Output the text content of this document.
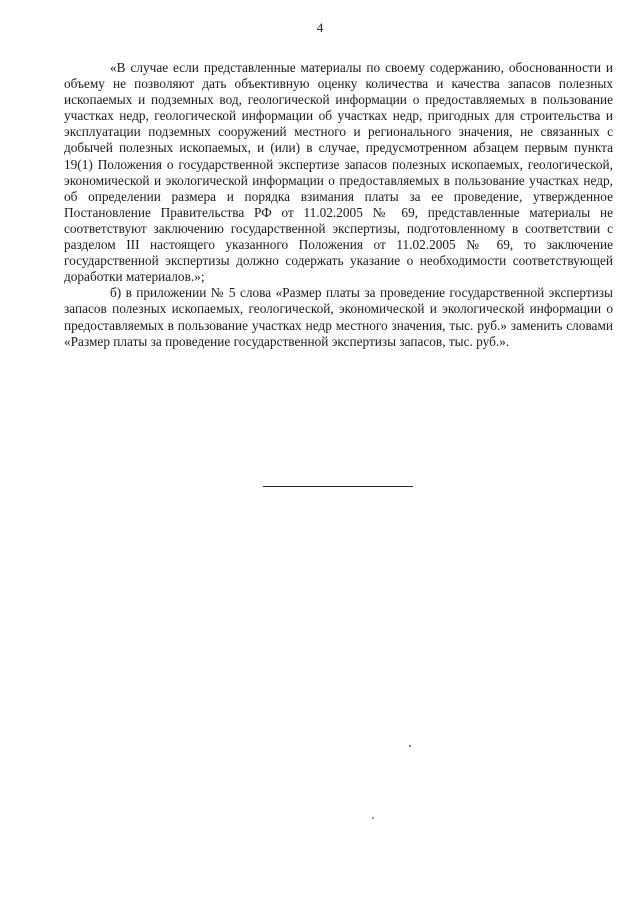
4

«В случае если представленные материалы по своему содержанию, обоснованности и объему не позволяют дать объективную оценку количества и качества запасов полезных ископаемых и подземных вод, геологической информации о предоставляемых в пользование участках недр, геологической информации об участках недр, пригодных для строительства и эксплуатации подземных сооружений местного и регионального значения, не связанных с добычей полезных ископаемых, и (или) в случае, предусмотренном абзацем первым пункта 19(1) Положения о государственной экспертизе запасов полезных ископаемых, геологической, экономической и экологической информации о предоставляемых в пользование участках недр, об определении размера и порядка взимания платы за ее проведение, утвержденное Постановление Правительства РФ от 11.02.2005 № 69, представленные материалы не соответствуют заключению государственной экспертизы, подготовленному в соответствии с разделом III настоящего указанного Положения от 11.02.2005 № 69, то заключение государственной экспертизы должно содержать указание о необходимости соответствующей доработки материалов.»;

б) в приложении № 5 слова «Размер платы за проведение государственной экспертизы запасов полезных ископаемых, геологической, экономической и экологической информации о предоставляемых в пользование участках недр местного значения, тыс. руб.» заменить словами «Размер платы за проведение государственной экспертизы запасов, тыс. руб.».
